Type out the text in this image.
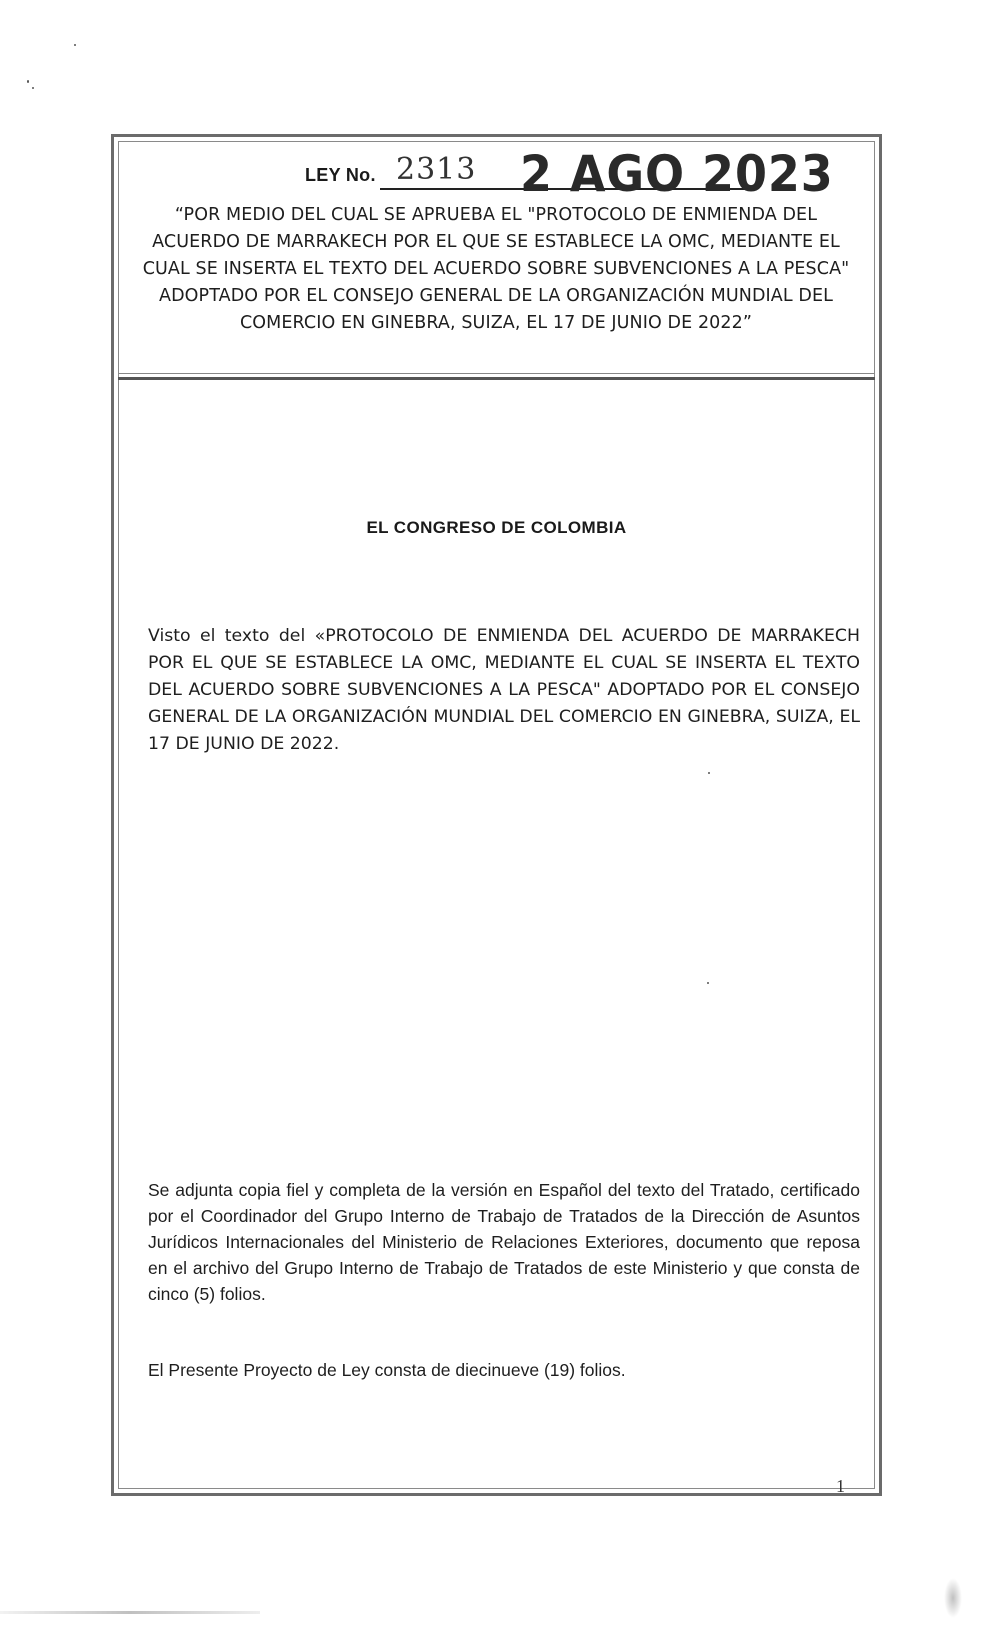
LEY No. 2313 2 AGO 2023
“POR MEDIO DEL CUAL SE APRUEBA EL "PROTOCOLO DE ENMIENDA DEL ACUERDO DE MARRAKECH POR EL QUE SE ESTABLECE LA OMC, MEDIANTE EL CUAL SE INSERTA EL TEXTO DEL ACUERDO SOBRE SUBVENCIONES A LA PESCA" ADOPTADO POR EL CONSEJO GENERAL DE LA ORGANIZACIÓN MUNDIAL DEL COMERCIO EN GINEBRA, SUIZA, EL 17 DE JUNIO DE 2022”
EL CONGRESO DE COLOMBIA
Visto el texto del «PROTOCOLO DE ENMIENDA DEL ACUERDO DE MARRAKECH POR EL QUE SE ESTABLECE LA OMC, MEDIANTE EL CUAL SE INSERTA EL TEXTO DEL ACUERDO SOBRE SUBVENCIONES A LA PESCA" ADOPTADO POR EL CONSEJO GENERAL DE LA ORGANIZACIÓN MUNDIAL DEL COMERCIO EN GINEBRA, SUIZA, EL 17 DE JUNIO DE 2022.
Se adjunta copia fiel y completa de la versión en Español del texto del Tratado, certificado por el Coordinador del Grupo Interno de Trabajo de Tratados de la Dirección de Asuntos Jurídicos Internacionales del Ministerio de Relaciones Exteriores, documento que reposa en el archivo del Grupo Interno de Trabajo de Tratados de este Ministerio y que consta de cinco (5) folios.
El Presente Proyecto de Ley consta de diecinueve (19) folios.
1
